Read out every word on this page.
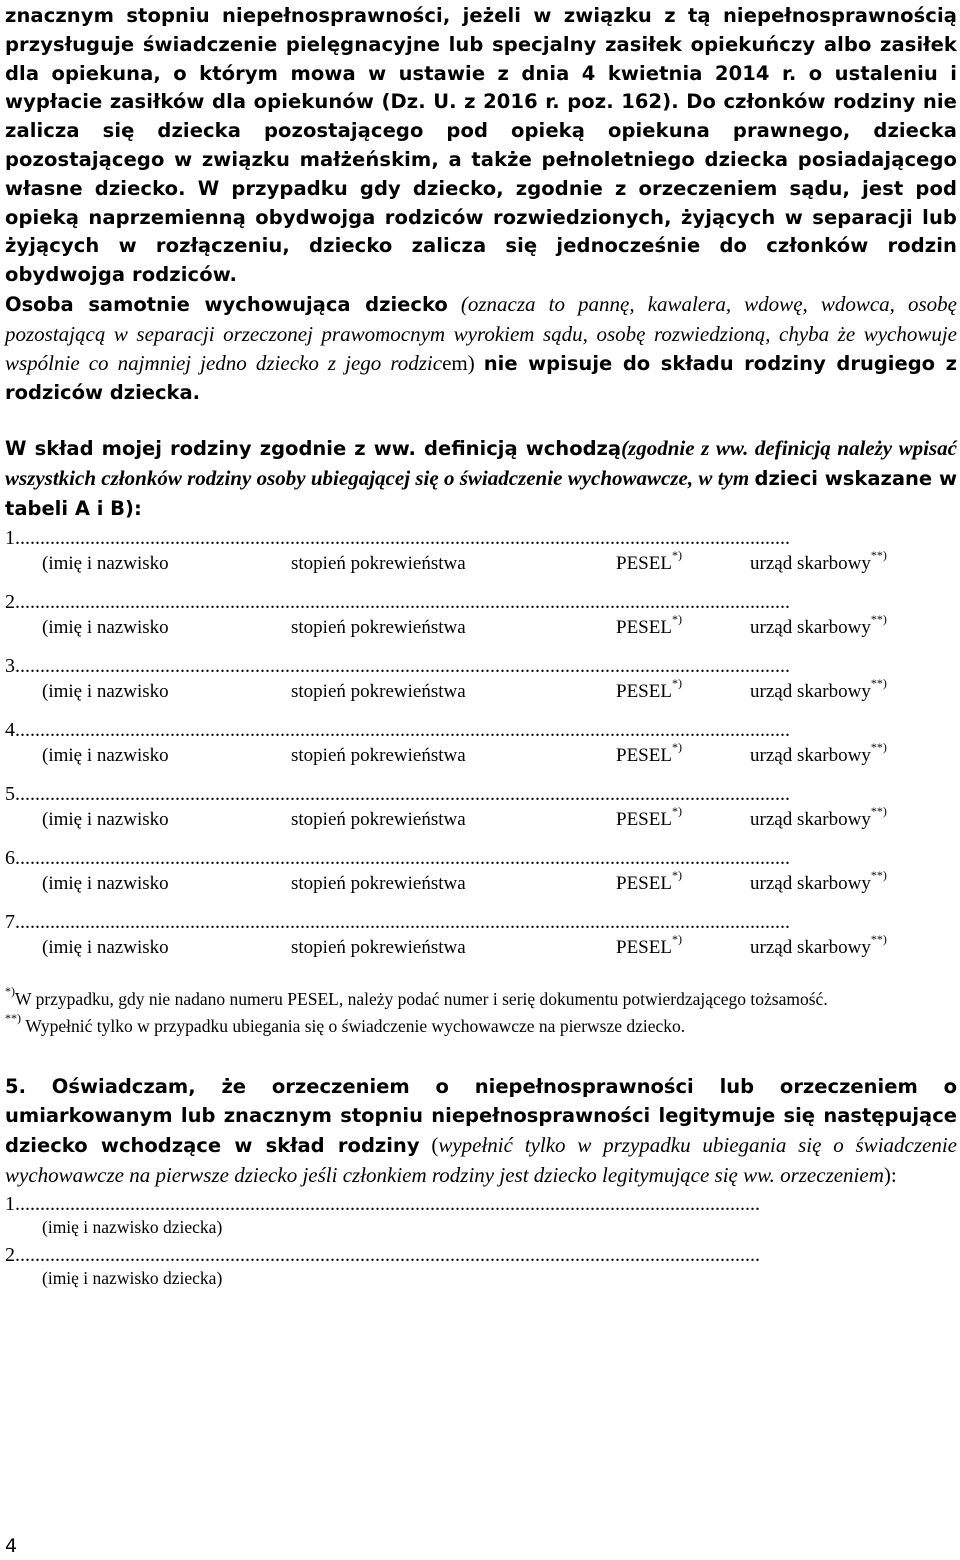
znacznym stopniu niepełnosprawności, jeżeli w związku z tą niepełnosprawnością przysługuje świadczenie pielęgnacyjne lub specjalny zasiłek opiekuńczy albo zasiłek dla opiekuna, o którym mowa w ustawie z dnia 4 kwietnia 2014 r. o ustaleniu i wypłacie zasiłków dla opiekunów (Dz. U. z 2016 r. poz. 162). Do członków rodziny nie zalicza się dziecka pozostającego pod opieką opiekuna prawnego, dziecka pozostającego w związku małżeńskim, a także pełnoletniego dziecka posiadającego własne dziecko. W przypadku gdy dziecko, zgodnie z orzeczeniem sądu, jest pod opieką naprzemienną obydwojga rodziców rozwiedzionych, żyjących w separacji lub żyjących w rozłączeniu, dziecko zalicza się jednocześnie do członków rodzin obydwojga rodziców.

Osoba samotnie wychowująca dziecko (oznacza to pannę, kawalera, wdowę, wdowca, osobę pozostającą w separacji orzeczonej prawomocnym wyrokiem sądu, osobę rozwiedzioną, chyba że wychowuje wspólnie co najmniej jedno dziecko z jego rodzicem) nie wpisuje do składu rodziny drugiego z rodziców dziecka.

W skład mojej rodziny zgodnie z ww. definicją wchodzą(zgodnie z ww. definicją należy wpisać wszystkich członków rodziny osoby ubiegającej się o świadczenie wychowawcze, w tym dzieci wskazane w tabeli A i B):

1...........................................................................................................................................................
(imię i nazwisko	stopień pokrewieństwa	PESEL*)	urząd skarbowy**)
2...........................................................................................................................................................
(imię i nazwisko	stopień pokrewieństwa	PESEL*)	urząd skarbowy**)
3...........................................................................................................................................................
(imię i nazwisko	stopień pokrewieństwa	PESEL*)	urząd skarbowy**)
4...........................................................................................................................................................
(imię i nazwisko	stopień pokrewieństwa	PESEL*)	urząd skarbowy**)
5...........................................................................................................................................................
(imię i nazwisko	stopień pokrewieństwa	PESEL*)	urząd skarbowy**)
6...........................................................................................................................................................
(imię i nazwisko	stopień pokrewieństwa	PESEL*)	urząd skarbowy**)
7...........................................................................................................................................................
(imię i nazwisko	stopień pokrewieństwa	PESEL*)	urząd skarbowy**)

*)W przypadku, gdy nie nadano numeru PESEL, należy podać numer i serię dokumentu potwierdzającego tożsamość.

**) Wypełnić tylko w przypadku ubiegania się o świadczenie wychowawcze na pierwsze dziecko.

5. Oświadczam, że orzeczeniem o niepełnosprawności lub orzeczeniem o umiarkowanym lub znacznym stopniu niepełnosprawności legitymuje się następujące dziecko wchodzące w skład rodziny (wypełnić tylko w przypadku ubiegania się o świadczenie wychowawcze na pierwsze dziecko jeśli członkiem rodziny jest dziecko legitymujące się ww. orzeczeniem):

1.....................................................................................................................................................
(imię i nazwisko dziecka)
2.....................................................................................................................................................
(imię i nazwisko dziecka)
4
